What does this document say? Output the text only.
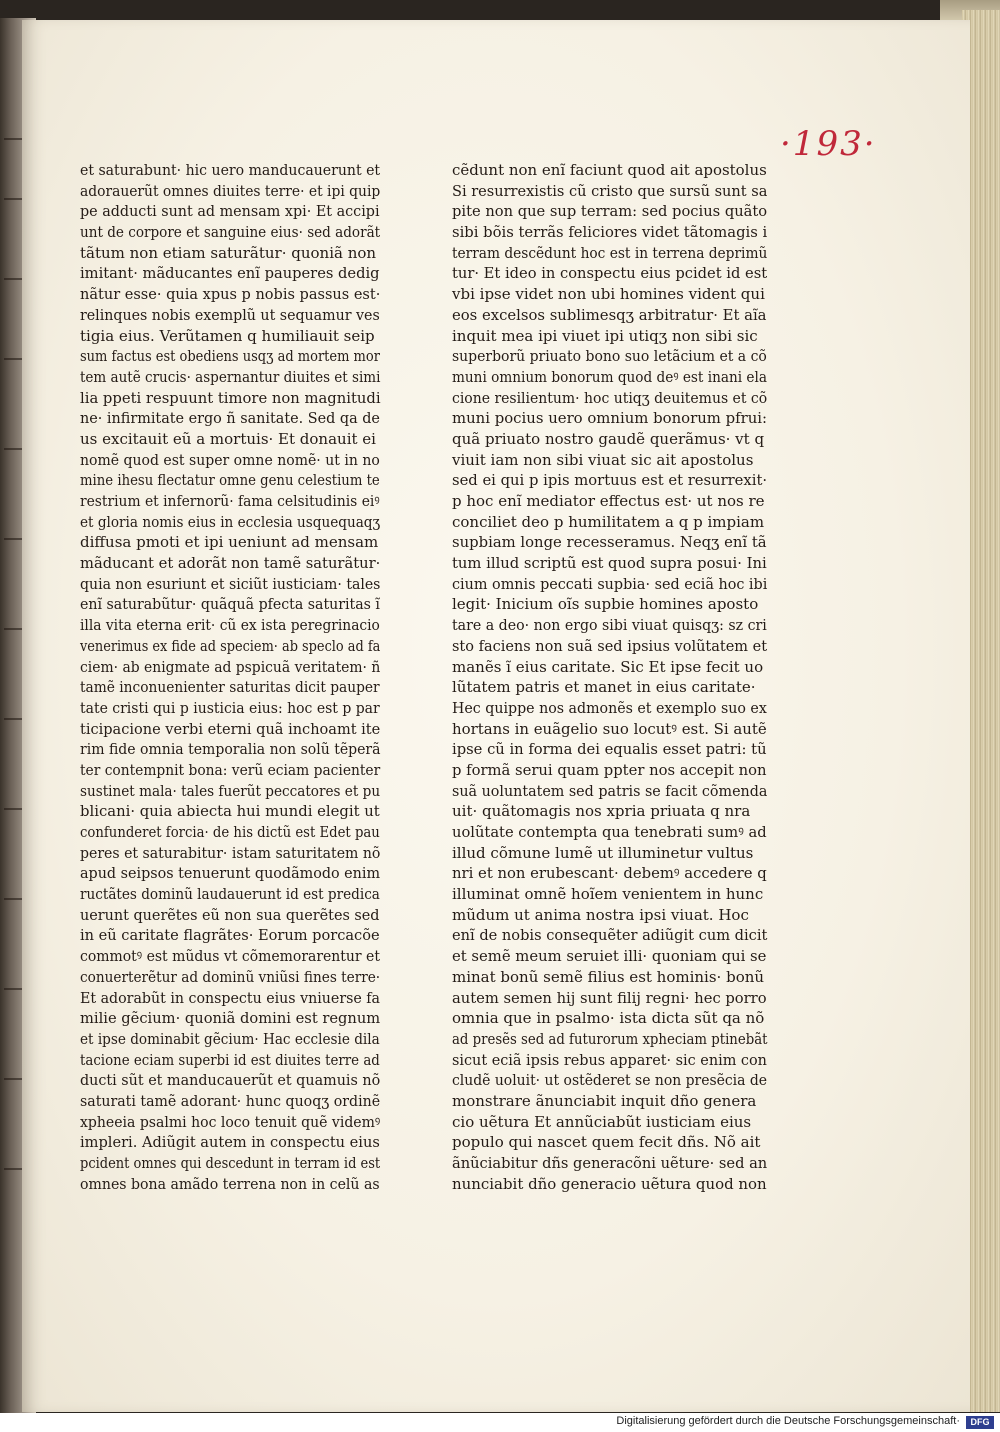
·193·
et saturabunt· hic uero manducauerunt et
adorauerũt omnes diuites terre· et ipi quip
pe adducti sunt ad mensam xpi· Et accipi
unt de corpore et sanguine eius· sed adorãt
tãtum non etiam saturãtur· quoniã non
imitant· mãducantes enĩ pauperes dedig
nãtur esse· quia xpus p nobis passus est·
relinques nobis exemplũ ut sequamur ves
tigia eius. Verũtamen q humiliauit seip
sum factus est obediens usqʒ ad mortem mor
tem autẽ crucis· aspernantur diuites et simi
lia ppeti respuunt timore non magnitudi
ne· infirmitate ergo ñ sanitate. Sed qa de
us excitauit eũ a mortuis· Et donauit ei
nomẽ quod est super omne nomẽ· ut in no
mine ihesu flectatur omne genu celestium te
restrium et infernorũ· fama celsitudinis eiꝰ
et gloria nomis eius in ecclesia usquequaqʒ
diffusa pmoti et ipi ueniunt ad mensam
mãducant et adorãt non tamẽ saturãtur·
quia non esuriunt et siciũt iusticiam· tales
enĩ saturabũtur· quãquã pfecta saturitas ĩ
illa vita eterna erit· cũ ex ista peregrinacio
venerimus ex fide ad speciem· ab speclo ad fa
ciem· ab enigmate ad pspicuã veritatem· ñ
tamẽ inconuenienter saturitas dicit pauper
tate cristi qui p iusticia eius: hoc est p par
ticipacione verbi eterni quã inchoamt ite
rim fide omnia temporalia non solũ tẽperã
ter contempnit bona: verũ eciam pacienter
sustinet mala· tales fuerũt peccatores et pu
blicani· quia abiecta hui mundi elegit ut
confunderet forcia· de his dictũ est Edet pau
peres et saturabitur· istam saturitatem nõ
apud seipsos tenuerunt quodãmodo enim
ructãtes dominũ laudauerunt id est predica
uerunt querẽtes eũ non sua querẽtes sed
in eũ caritate flagrãtes· Eorum porcacõe
commotꝰ est mũdus vt cõmemorarentur et
conuerterẽtur ad dominũ vniũsi fines terre·
Et adorabũt in conspectu eius vniuerse fa
milie gẽcium· quoniã domini est regnum
et ipse dominabit gẽcium· Hac ecclesie dila
tacione eciam superbi id est diuites terre ad
ducti sũt et manducauerũt et quamuis nõ
saturati tamẽ adorant· hunc quoqʒ ordinẽ
xpheeia psalmi hoc loco tenuit quẽ videmꝰ
impleri. Adiũgit autem in conspectu eius
pcident omnes qui descedunt in terram id est
omnes bona amãdo terrena non in celũ as
cẽdunt non enĩ faciunt quod ait apostolus
Si resurrexistis cũ cristo que sursũ sunt sa
pite non que sup terram: sed pocius quãto
sibi bõis terrãs feliciores videt tãtomagis i
terram descẽdunt hoc est in terrena deprimũ
tur· Et ideo in conspectu eius pcidet id est
vbi ipse videt non ubi homines vident qui
eos excelsos sublimesqʒ arbitratur· Et aĩa
inquit mea ipi viuet ipi utiqʒ non sibi sic
superborũ priuato bono suo letãcium et a cõ
muni omnium bonorum quod deꝰ est inani ela
cione resilientum· hoc utiqʒ deuitemus et cõ
muni pocius uero omnium bonorum pfrui:
quã priuato nostro gaudẽ querãmus· vt q
viuit iam non sibi viuat sic ait apostolus
sed ei qui p ipis mortuus est et resurrexit·
p hoc enĩ mediator effectus est· ut nos re
conciliet deo p humilitatem a q p impiam
supbiam longe recesseramus. Neqʒ enĩ tã
tum illud scriptũ est quod supra posui· Ini
cium omnis peccati supbia· sed eciã hoc ibi
legit· Inicium oĩs supbie homines aposto
tare a deo· non ergo sibi viuat quisqʒ: sz cri
sto faciens non suã sed ipsius volũtatem et
manẽs ĩ eius caritate. Sic Et ipse fecit uo
lũtatem patris et manet in eius caritate·
Hec quippe nos admonẽs et exemplo suo ex
hortans in euãgelio suo locutꝰ est. Si autẽ
ipse cũ in forma dei equalis esset patri: tũ
p formã serui quam ppter nos accepit non
suã uoluntatem sed patris se facit cõmenda
uit· quãtomagis nos xpria priuata q nra
uolũtate contempta qua tenebrati sumꝰ ad
illud cõmune lumẽ ut illuminetur vultus
nri et non erubescant· debemꝰ accedere q
illuminat omnẽ hoĩem venientem in hunc
mũdum ut anima nostra ipsi viuat. Hoc
enĩ de nobis consequẽter adiũgit cum dicit
et semẽ meum seruiet illi· quoniam qui se
minat bonũ semẽ filius est hominis· bonũ
autem semen hij sunt filij regni· hec porro
omnia que in psalmo· ista dicta sũt qa nõ
ad presẽs sed ad futurorum xpheciam ptinebãt
sicut eciã ipsis rebus apparet· sic enim con
cludẽ uoluit· ut ostẽderet se non presẽcia de
monstrare ãnunciabit inquit dño genera
cio uẽtura Et annũciabũt iusticiam eius
populo qui nascet quem fecit dñs. Nõ ait
ãnũciabitur dñs generacõni uẽture· sed an
nunciabit dño generacio uẽtura quod non
Digitalisierung gefördert durch die Deutsche Forschungsgemeinschaft·	DFG
